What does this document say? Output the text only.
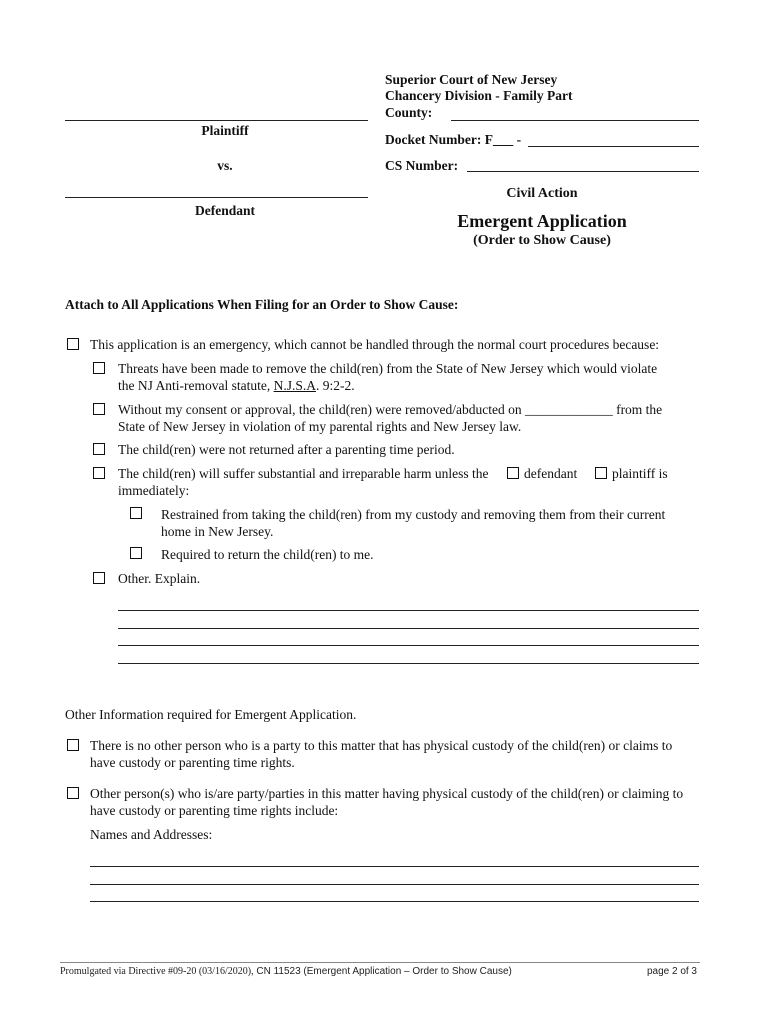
Superior Court of New Jersey
Chancery Division - Family Part
County:
Plaintiff
Docket Number: F___ -
vs.	CS Number:
Defendant
Civil Action
Emergent Application
(Order to Show Cause)
Attach to All Applications When Filing for an Order to Show Cause:
This application is an emergency, which cannot be handled through the normal court procedures because:
Threats have been made to remove the child(ren) from the State of New Jersey which would violate
the NJ Anti-removal statute, N.J.S.A. 9:2-2.
Without my consent or approval, the child(ren) were removed/abducted on _____________ from the
State of New Jersey in violation of my parental rights and New Jersey law.
The child(ren) were not returned after a parenting time period.
The child(ren) will suffer substantial and irreparable harm unless the	defendant	plaintiff is
immediately:
Restrained from taking the child(ren) from my custody and removing them from their current
home in New Jersey.
Required to return the child(ren) to me.
Other. Explain.
Other Information required for Emergent Application.
There is no other person who is a party to this matter that has physical custody of the child(ren) or claims to
have custody or parenting time rights.
Other person(s) who is/are party/parties in this matter having physical custody of the child(ren) or claiming to
have custody or parenting time rights include:
Names and Addresses:
Promulgated via Directive #09-20 (03/16/2020), CN 11523 (Emergent Application – Order to Show Cause)	page 2 of 3
